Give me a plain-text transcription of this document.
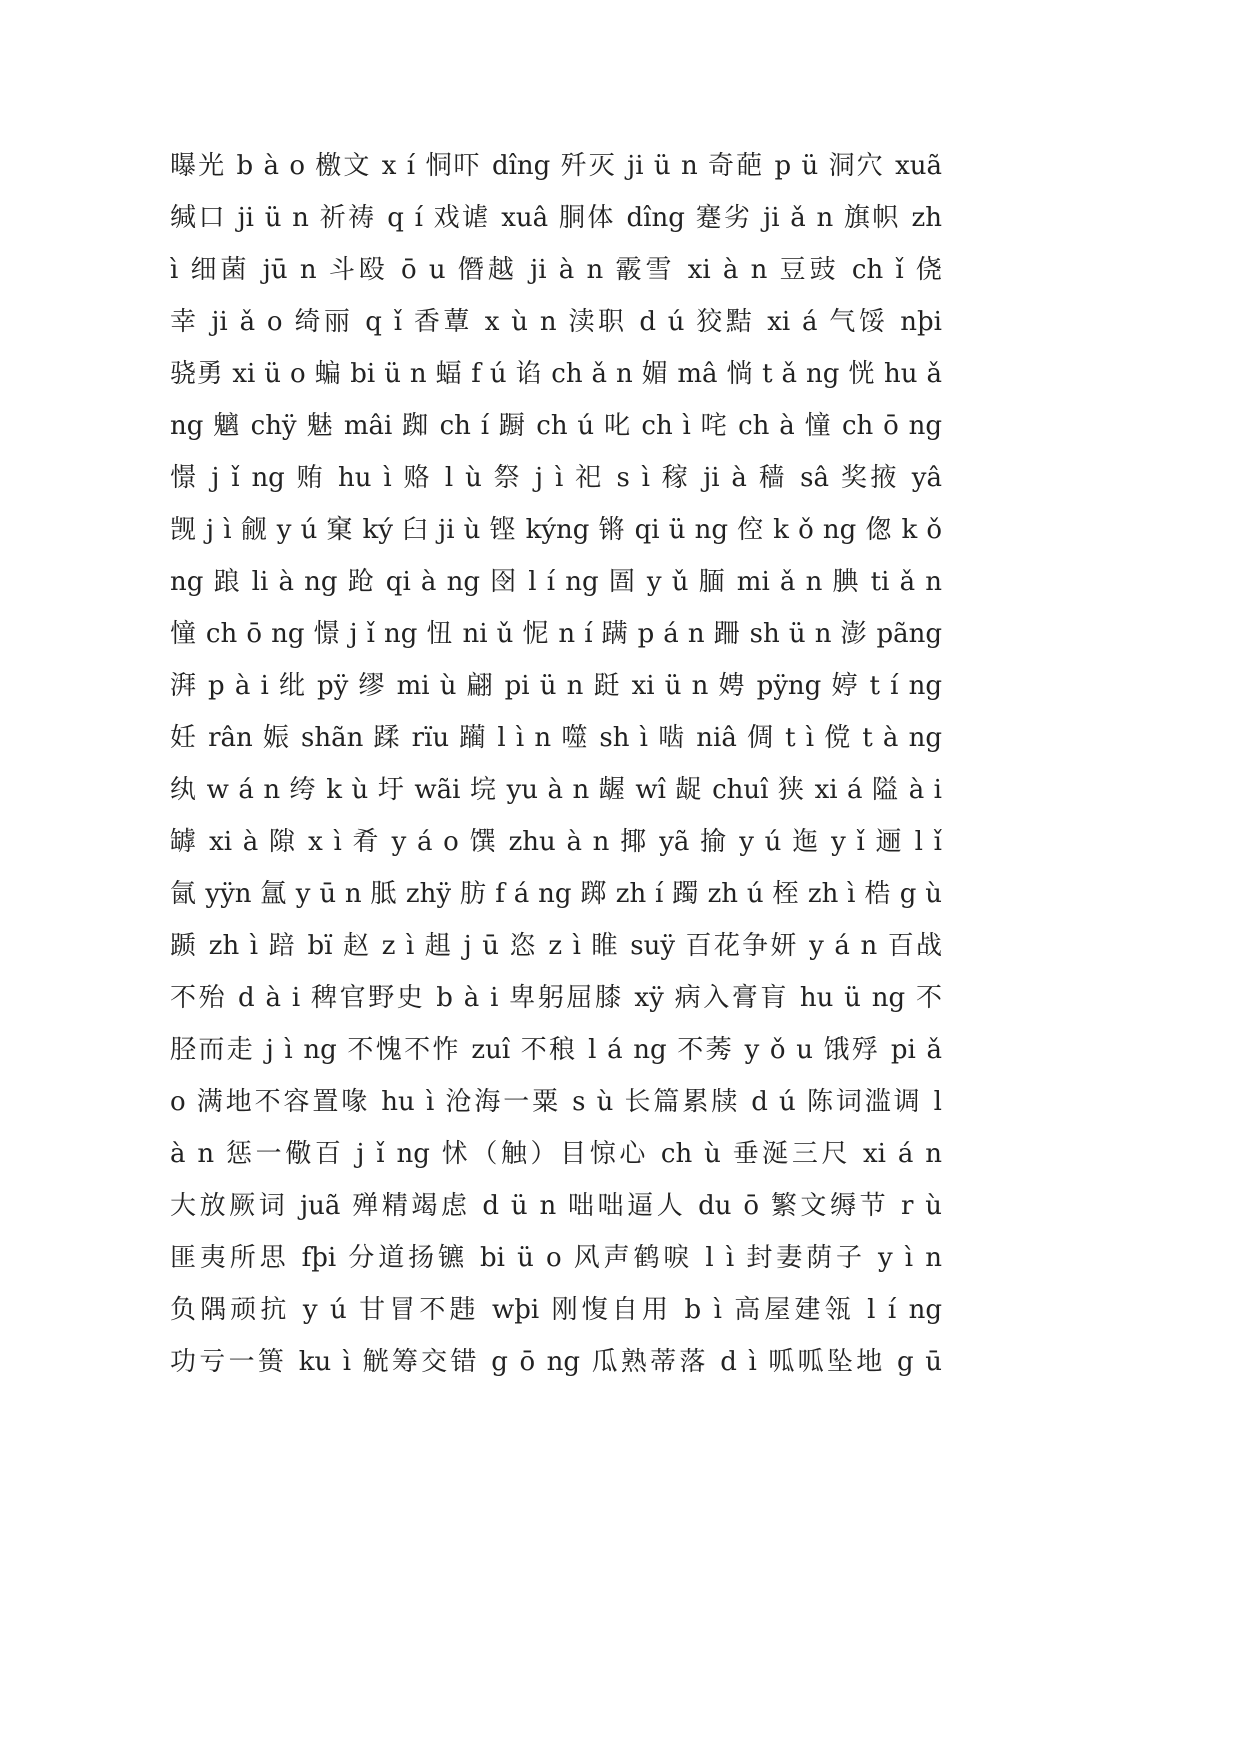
曝光 b à o 檄文 x í 恫吓 dîng 歼灭 ji ü n 奇葩 p ü 洞穴 xuã
缄口 ji ü n 祈祷 q í 戏谑 xuâ 胴体 dîng 蹇劣 ji ǎ n 旗帜 zh
ì 细菌 jū n 斗殴 ō u 僭越 ji à n 霰雪 xi à n 豆豉 ch ǐ 侥
幸 ji ǎ o 绮丽 q ǐ 香蕈 x ù n 渎职 d ú 狡黠 xi á 气馁 nþi
骁勇 xi ü o 蝙 bi ü n 蝠 f ú 谄 ch ǎ n 媚 mâ 惝 t ǎ ng 恍 hu ǎ
ng 魑 chÿ 魅 mâi 踟 ch í 蹰 ch ú 叱 ch ì 咤 ch à 憧 ch ō ng
憬 j ǐ ng 贿 hu ì 赂 l ù 祭 j ì 祀 s ì 稼 ji à 穑 sâ 奖掖 yâ
觊 j ì 觎 y ú 窠 ký 臼 ji ù 铿 kýng 锵 qi ü ng 倥 k ǒ ng 偬 k ǒ
ng 踉 li à ng 跄 qi à ng 囹 l í ng 圄 y ǔ 腼 mi ǎ n 腆 ti ǎ n
憧 ch ō ng 憬 j ǐ ng 忸 ni ǔ 怩 n í 蹒 p á n 跚 sh ü n 澎 pãng
湃 p à i 纰 pÿ 缪 mi ù 翩 pi ü n 跹 xi ü n 娉 pÿng 婷 t í ng
妊 rân 娠 shãn 蹂 rïu 躏 l ì n 噬 sh ì 啮 niâ 倜 t ì 傥 t à ng
纨 w á n 绔 k ù 圩 wãi 垸 yu à n 龌 wî 龊 chuî 狭 xi á 隘 à i
罅 xi à 隙 x ì 肴 y á o 馔 zhu à n 揶 yã 揄 y ú 迤 y ǐ 逦 l ǐ
氤 yÿn 氲 y ū n 胝 zhÿ 肪 f á ng 踯 zh í 躅 zh ú 桎 zh ì 梏 g ù
踬 zh ì 踣 bï 赵 z ì 趄 j ū 恣 z ì 睢 suÿ 百花争妍 y á n 百战
不殆 d à i 稗官野史 b à i 卑躬屈膝 xÿ 病入膏肓 hu ü ng 不
胫而走 j ì ng 不愧不怍 zuî 不稂 l á ng 不莠 y ǒ u 饿殍 pi ǎ
o 满地不容置喙 hu ì 沧海一粟 s ù 长篇累牍 d ú 陈词滥调 l
à n 惩一儆百 j ǐ ng 怵（触）目惊心 ch ù 垂涎三尺 xi á n
大放厥词 juã 殚精竭虑 d ü n 咄咄逼人 du ō 繁文缛节 r ù
匪夷所思 fþi 分道扬镳 bi ü o 风声鹤唳 l ì 封妻荫子 y ì n
负隅顽抗 y ú 甘冒不韪 wþi 刚愎自用 b ì 高屋建瓴 l í ng
功亏一篑 ku ì 觥筹交错 g ō ng 瓜熟蒂落 d ì 呱呱坠地 g ū
